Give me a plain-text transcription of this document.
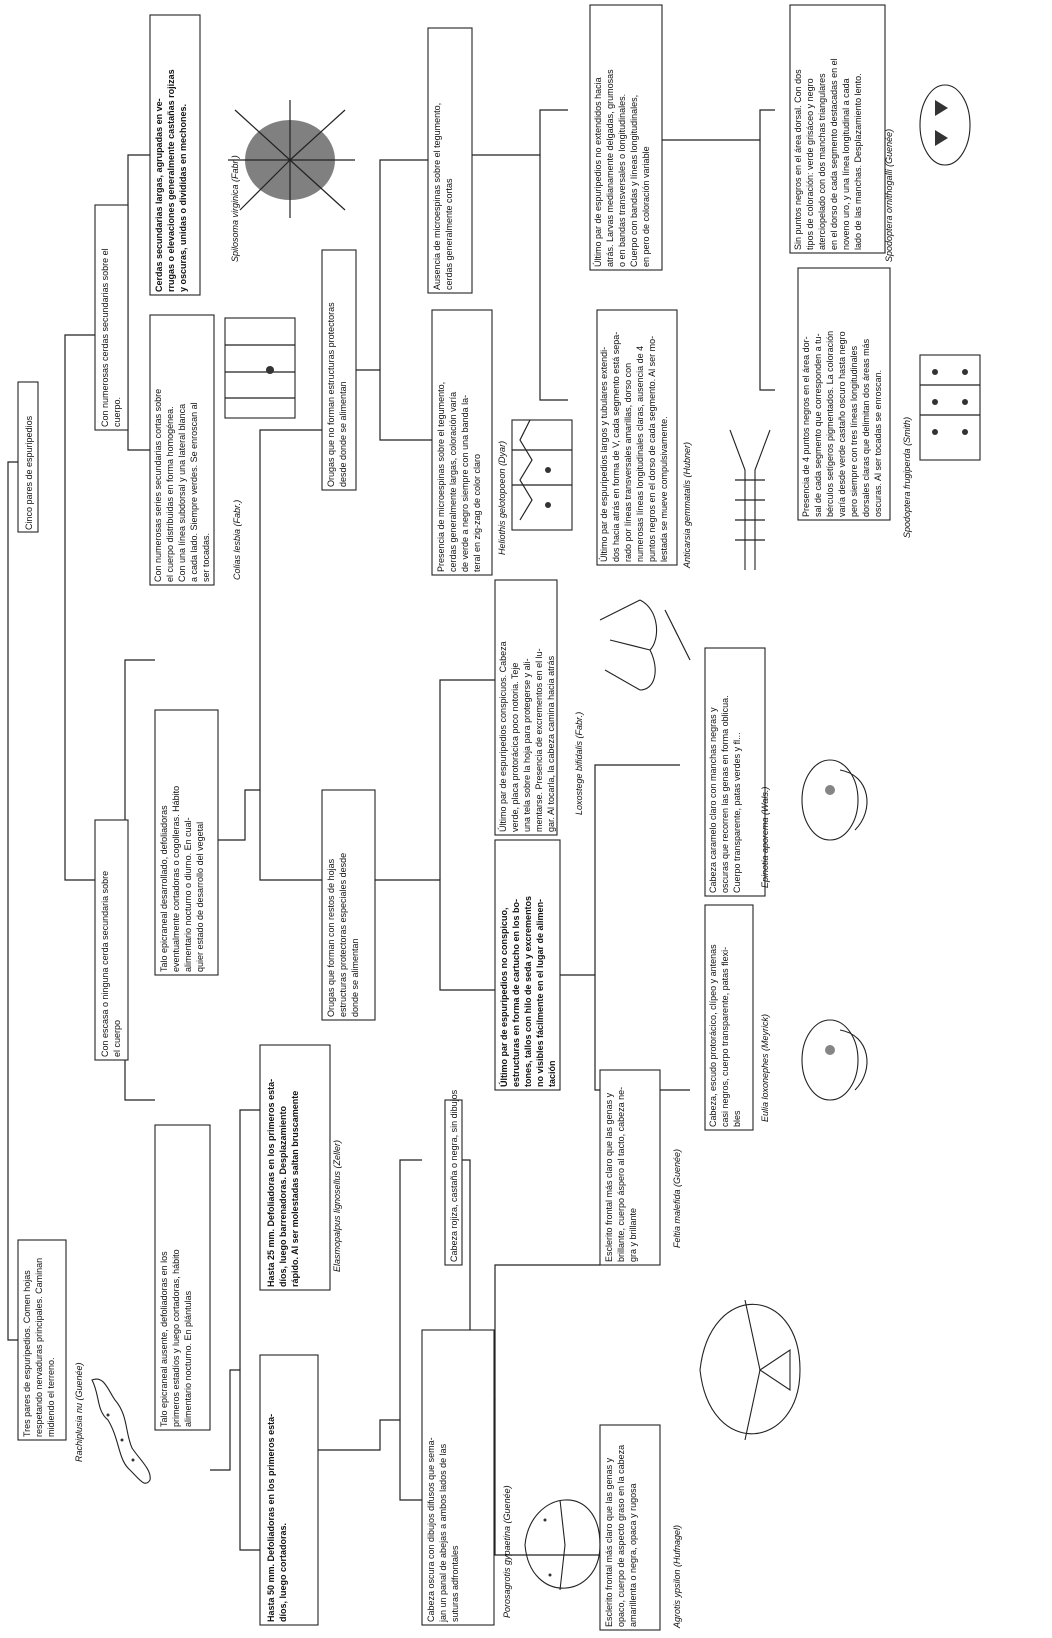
Cinco pares de espuripedios
Tres pares de espuripedios. Comen hojas respetando nervaduras principales. Caminan midiendo el terreno.
Con numerosas cerdas secundarias sobre el cuerpo.
Con escasa o ninguna cerda secundaria sobre el cuerpo
Cerdas secundarias largas, agrupadas en ve- rrugas o elevaciones generalmente castañas rojizas y oscuras, unidas o divididas en mechones.
Con numerosas series secundarias cortas sobre el cuerpo distribuidas en forma homogénea. Con una línea subdorsal y una lateral blanca a cada lado. Siempre verdes. Se enroscan al ser tocadas.
Talo epicraneal ausente, defoliadoras en los primeros estadíos y luego cortadoras, hábito alimentario nocturno. En plántulas
Talo epicraneal desarrollado, defoliadoras eventualmente cortadoras o cogolleras. Hábito alimentario nocturno o diurno. En cual- quier estado de desarrollo del vegetal
Hasta 50 mm. Defoliadoras en los primeros esta- díos, luego cortadoras.
Hasta 25 mm. Defoliadoras en los primeros esta- díos, luego barrenadoras. Desplazamiento rápido. Al ser molestadas saltan bruscamente
Orugas que no forman estructuras protectoras desde donde se alimentan
Orugas que forman con restos de hojas estructuras protectoras especiales desde donde se alimentan
Presencia de microespinas sobre el tegumento, cerdas generalmente largas, coloración varía de verde a negro siempre con una banda la- teral en zig-zag de color claro
Ausencia de microespinas sobre el tegumento, cerdas generalmente cortas
Último par de espuripedios largos y tubulares extendi- dos hacia atrás en forma de V, cada segmento está sepa- rado por líneas transversales amarillas, dorso con numerosas líneas longitudinales claras, ausencia de 4 puntos negros en el dorso de cada segmento. Al ser mo- lestada se mueve compulsivamente.
Último par de espuripedios no extendidos hacia atrás. Larvas medianamente delgadas, grumosas o en bandas transversales o longitudinales. Cuerpo con bandas y líneas longitudinales, en pero de coloración variable
Presencia de 4 puntos negros en el área dor- sal de cada segmento que corresponden a tu- bérculos setígeros pigmentados. La coloración varía desde verde castaño oscuro hasta negro pero siempre con tres líneas longitudinales dorsales claras que delimitan dos áreas más oscuras. Al ser tocadas se enroscan.
Sin puntos negros en el área dorsal. Con dos tipos de coloración: verde grisáceo y negro aterciopelado con dos manchas triangulares en el dorso de cada segmento destacadas en el noveno uro, y una línea longitudinal a cada lado de las manchas. Desplazamiento lento.
Cabeza oscura con dibujos difusos que sema- jan un panal de abejas a ambos lados de las suturas adfrontales
Cabeza rojiza, castaña o negra, sin dibujos
Esclerito frontal más claro que las genas y opaco, cuerpo de aspecto graso en la cabeza amarillenta o negra, opaca y rugosa
Esclerito frontal más claro que las genas y brillante, cuerpo áspero al tacto, cabeza ne- gra y brillante
Último par de espuripedios no conspicuo, estructuras en forma de cartucho en los bo- tones, tallos con hilo de seda y excrementos no visibles fácilmente en el lugar de alimen- tación
Último par de espuripedios conspicuos. Cabeza verde, placa protorácica poco notoria. Teje una tela sobre la hoja para protegerse y ali- mentarse. Presencia de excrementos en el lu- gar. Al tocarla, la cabeza camina hacia atrás
Cabeza, escudo protorácico, clípeo y antenas casi negros, cuerpo transparente, patas flexi- bles
Cabeza caramelo claro con manchas negras y oscuras que recorren las genas en forma oblicua. Cuerpo transparente, patas verdes y fl...
Rachiplusia nu (Guenée)
Spilosoma virginica (Fabr.)
Colias lesbia (Fabr.)
Elasmopalpus lignosellus (Zeller)
Heliothis gelotopoeon (Dyar)	Anticarsia gemmatalis (Hubner)	Spodoptera frugiperda (Smith)
Spodoptera ornithogalli (Guenée)
Porosagrotis gypaetina (Guenée)
Feltia malefida (Guenée)
Agrotis ypsilon (Hufnagel)
Loxostege bifidalis (Fabr.)
Eulia loxonephes (Meyrick)
Epinotia aporema (Wals.)
